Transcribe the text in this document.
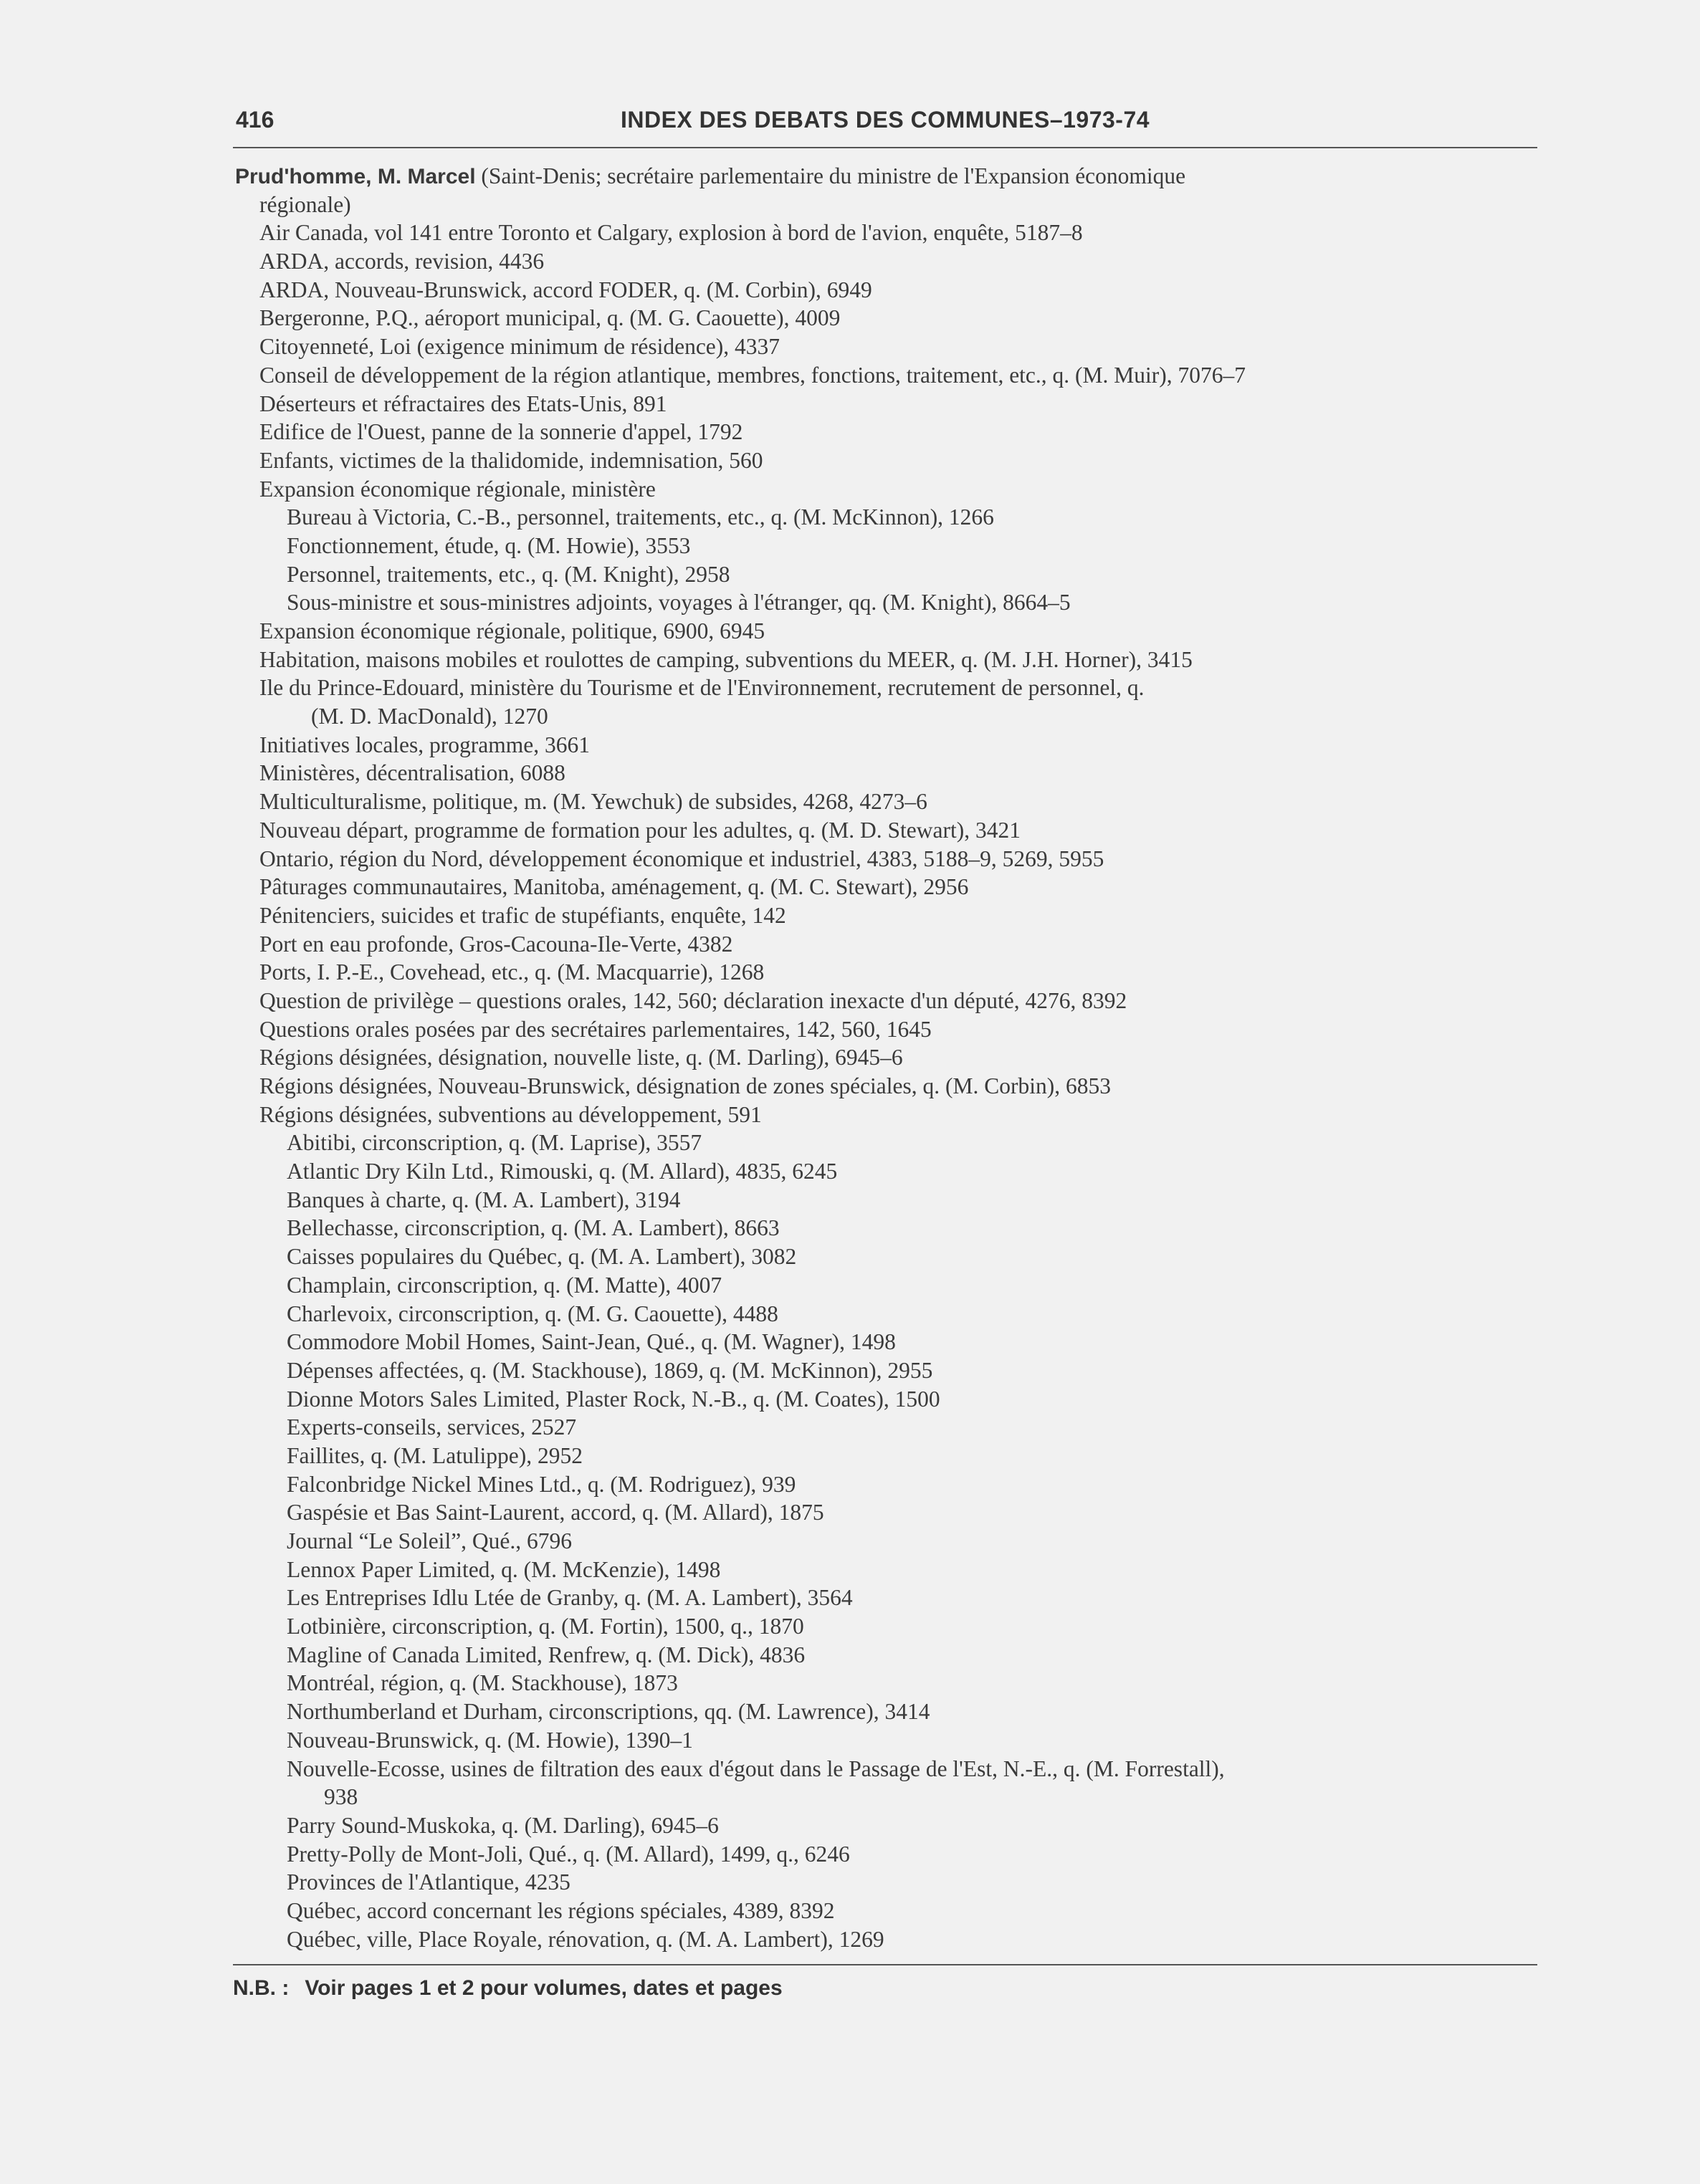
416	INDEX DES DEBATS DES COMMUNES–1973-74
Prud'homme, M. Marcel (Saint-Denis; secrétaire parlementaire du ministre de l'Expansion économique
régionale)
Air Canada, vol 141 entre Toronto et Calgary, explosion à bord de l'avion, enquête, 5187–8
ARDA, accords, revision, 4436
ARDA, Nouveau-Brunswick, accord FODER, q. (M. Corbin), 6949
Bergeronne, P.Q., aéroport municipal, q. (M. G. Caouette), 4009
Citoyenneté, Loi (exigence minimum de résidence), 4337
Conseil de développement de la région atlantique, membres, fonctions, traitement, etc., q. (M. Muir), 7076–7
Déserteurs et réfractaires des Etats-Unis, 891
Edifice de l'Ouest, panne de la sonnerie d'appel, 1792
Enfants, victimes de la thalidomide, indemnisation, 560
Expansion économique régionale, ministère
Bureau à Victoria, C.-B., personnel, traitements, etc., q. (M. McKinnon), 1266
Fonctionnement, étude, q. (M. Howie), 3553
Personnel, traitements, etc., q. (M. Knight), 2958
Sous-ministre et sous-ministres adjoints, voyages à l'étranger, qq. (M. Knight), 8664–5
Expansion économique régionale, politique, 6900, 6945
Habitation, maisons mobiles et roulottes de camping, subventions du MEER, q. (M. J.H. Horner), 3415
Ile du Prince-Edouard, ministère du Tourisme et de l'Environnement, recrutement de personnel, q.
(M. D. MacDonald), 1270
Initiatives locales, programme, 3661
Ministères, décentralisation, 6088
Multiculturalisme, politique, m. (M. Yewchuk) de subsides, 4268, 4273–6
Nouveau départ, programme de formation pour les adultes, q. (M. D. Stewart), 3421
Ontario, région du Nord, développement économique et industriel, 4383, 5188–9, 5269, 5955
Pâturages communautaires, Manitoba, aménagement, q. (M. C. Stewart), 2956
Pénitenciers, suicides et trafic de stupéfiants, enquête, 142
Port en eau profonde, Gros-Cacouna-Ile-Verte, 4382
Ports, I. P.-E., Covehead, etc., q. (M. Macquarrie), 1268
Question de privilège – questions orales, 142, 560; déclaration inexacte d'un député, 4276, 8392
Questions orales posées par des secrétaires parlementaires, 142, 560, 1645
Régions désignées, désignation, nouvelle liste, q. (M. Darling), 6945–6
Régions désignées, Nouveau-Brunswick, désignation de zones spéciales, q. (M. Corbin), 6853
Régions désignées, subventions au développement, 591
Abitibi, circonscription, q. (M. Laprise), 3557
Atlantic Dry Kiln Ltd., Rimouski, q. (M. Allard), 4835, 6245
Banques à charte, q. (M. A. Lambert), 3194
Bellechasse, circonscription, q. (M. A. Lambert), 8663
Caisses populaires du Québec, q. (M. A. Lambert), 3082
Champlain, circonscription, q. (M. Matte), 4007
Charlevoix, circonscription, q. (M. G. Caouette), 4488
Commodore Mobil Homes, Saint-Jean, Qué., q. (M. Wagner), 1498
Dépenses affectées, q. (M. Stackhouse), 1869, q. (M. McKinnon), 2955
Dionne Motors Sales Limited, Plaster Rock, N.-B., q. (M. Coates), 1500
Experts-conseils, services, 2527
Faillites, q. (M. Latulippe), 2952
Falconbridge Nickel Mines Ltd., q. (M. Rodriguez), 939
Gaspésie et Bas Saint-Laurent, accord, q. (M. Allard), 1875
Journal “Le Soleil”, Qué., 6796
Lennox Paper Limited, q. (M. McKenzie), 1498
Les Entreprises Idlu Ltée de Granby, q. (M. A. Lambert), 3564
Lotbinière, circonscription, q. (M. Fortin), 1500, q., 1870
Magline of Canada Limited, Renfrew, q. (M. Dick), 4836
Montréal, région, q. (M. Stackhouse), 1873
Northumberland et Durham, circonscriptions, qq. (M. Lawrence), 3414
Nouveau-Brunswick, q. (M. Howie), 1390–1
Nouvelle-Ecosse, usines de filtration des eaux d'égout dans le Passage de l'Est, N.-E., q. (M. Forrestall),
938
Parry Sound-Muskoka, q. (M. Darling), 6945–6
Pretty-Polly de Mont-Joli, Qué., q. (M. Allard), 1499, q., 6246
Provinces de l'Atlantique, 4235
Québec, accord concernant les régions spéciales, 4389, 8392
Québec, ville, Place Royale, rénovation, q. (M. A. Lambert), 1269
N.B. : Voir pages 1 et 2 pour volumes, dates et pages
